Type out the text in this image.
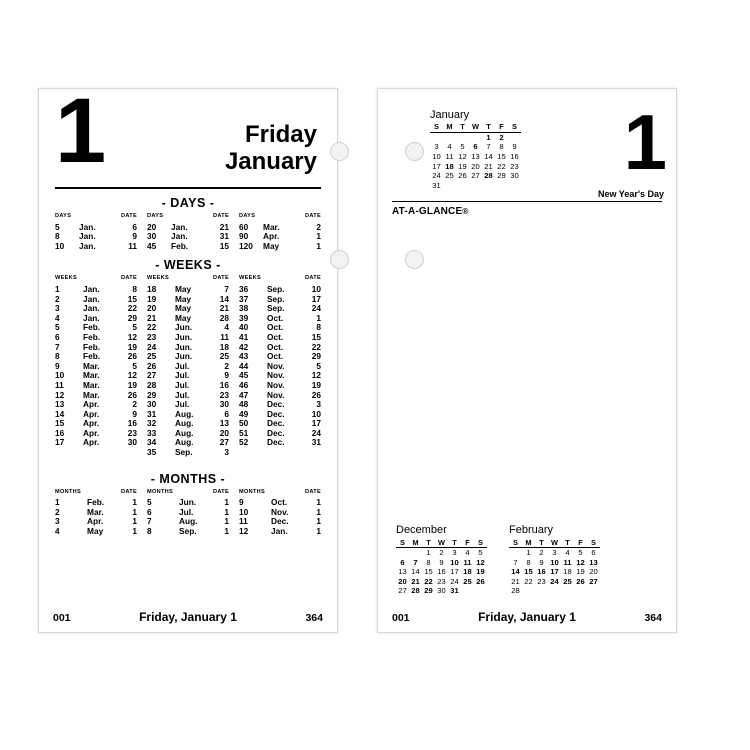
1	Friday
January
- DAYS -
DAYS	DATE	
5	Jan.	6
8	Jan.	9
10	Jan.	11
DAYS	DATE	
20	Jan.	21
30	Jan.	31
45	Feb.	15
DAYS	DATE	
60	Mar.	2
90	Apr.	1
120	May	1
- WEEKS -
WEEKS	DATE	
1	Jan.	8
2	Jan.	15
3	Jan.	22
4	Jan.	29
5	Feb.	5
6	Feb.	12
7	Feb.	19
8	Feb.	26
9	Mar.	5
10	Mar.	12
11	Mar.	19
12	Mar.	26
13	Apr.	2
14	Apr.	9
15	Apr.	16
16	Apr.	23
17	Apr.	30
WEEKS	DATE	
18	May	7
19	May	14
20	May	21
21	May	28
22	Jun.	4
23	Jun.	11
24	Jun.	18
25	Jun.	25
26	Jul.	2
27	Jul.	9
28	Jul.	16
29	Jul.	23
30	Jul.	30
31	Aug.	6
32	Aug.	13
33	Aug.	20
34	Aug.	27
35	Sep.	3
WEEKS	DATE	
36	Sep.	10
37	Sep.	17
38	Sep.	24
39	Oct.	1
40	Oct.	8
41	Oct.	15
42	Oct.	22
43	Oct.	29
44	Nov.	5
45	Nov.	12
46	Nov.	19
47	Nov.	26
48	Dec.	3
49	Dec.	10
50	Dec.	17
51	Dec.	24
52	Dec.	31
- MONTHS -
MONTHS	DATE	
1	Feb.	1
2	Mar.	1
3	Apr.	1
4	May	1
MONTHS	DATE	
5	Jun.	1
6	Jul.	1
7	Aug.	1
8	Sep.	1
MONTHS	DATE	
9	Oct.	1
10	Nov.	1
11	Dec.	1
12	Jan.	1
001	Friday, January 1	364
January
S	M	T	W	T	F	S
				1	2	
3	4	5	6	7	8	9
10	11	12	13	14	15	16
17	18	19	20	21	22	23
24	25	26	27	28	29	30
31						1
New Year's Day
AT-A-GLANCE®
December
S	M	T	W	T	F	S
		1	2	3	4	5
6	7	8	9	10	11	12
13	14	15	16	17	18	19
20	21	22	23	24	25	26
27	28	29	30	31		
February
S	M	T	W	T	F	S
	1	2	3	4	5	6
7	8	9	10	11	12	13
14	15	16	17	18	19	20
21	22	23	24	25	26	27
28						
001	Friday, January 1	364
